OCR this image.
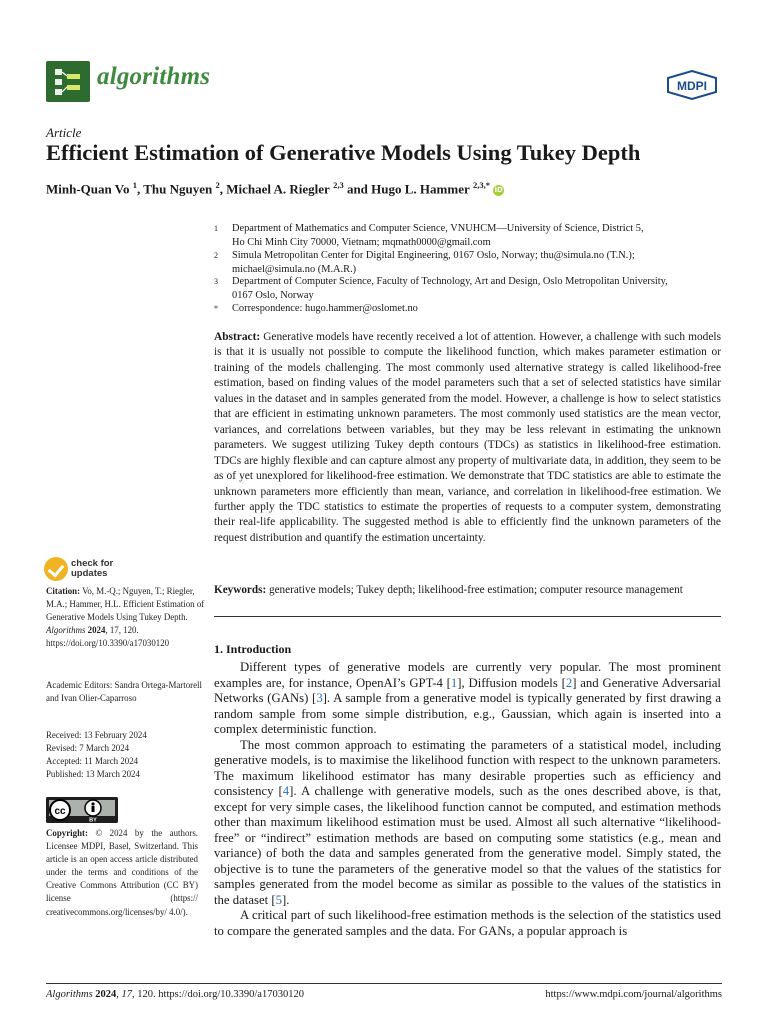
algorithms	MDPI
Article
Efficient Estimation of Generative Models Using Tukey Depth
Minh-Quan Vo $^1$, Thu Nguyen $^2$, Michael A. Riegler $^{2,3}$ and Hugo L. Hammer $^{2,3,*}$ iD
1 Department of Mathematics and Computer Science, VNUHCM—University of Science, District 5,
Ho Chi Minh City 70000, Vietnam; mqmath0000@gmail.com
2 Simula Metropolitan Center for Digital Engineering, 0167 Oslo, Norway; thu@simula.no (T.N.);
michael@simula.no (M.A.R.)
3 Department of Computer Science, Faculty of Technology, Art and Design, Oslo Metropolitan University,
0167 Oslo, Norway
* Correspondence: hugo.hammer@oslomet.no
Abstract: Generative models have recently received a lot of attention. However, a challenge with such models is that it is usually not possible to compute the likelihood function, which makes parameter estimation or training of the models challenging. The most commonly used alternative strategy is called likelihood-free estimation, based on finding values of the model parameters such that a set of selected statistics have similar values in the dataset and in samples generated from the model. However, a challenge is how to select statistics that are efficient in estimating unknown parameters. The most commonly used statistics are the mean vector, variances, and correlations between variables, but they may be less relevant in estimating the unknown parameters. We suggest utilizing Tukey depth contours (TDCs) as statistics in likelihood-free estimation. TDCs are highly flexible and can capture almost any property of multivariate data, in addition, they seem to be as of yet unexplored for likelihood-free estimation. We demonstrate that TDC statistics are able to estimate the unknown parameters more efficiently than mean, variance, and correlation in likelihood-free estimation. We further apply the TDC statistics to estimate the properties of requests to a computer system, demonstrating their real-life applicability. The suggested method is able to efficiently find the unknown parameters of the request distribution and quantify the estimation uncertainty.
Keywords: generative models; Tukey depth; likelihood-free estimation; computer resource management
check for
updates
Citation: Vo, M.-Q.; Nguyen, T.; Riegler, M.A.; Hammer, H.L. Efficient Estimation of Generative Models Using Tukey Depth. Algorithms 2024, 17, 120. https://doi.org/10.3390/a17030120
Academic Editors: Sandra Ortega-Martorell and Ivan Olier-Caparroso
Received: 13 February 2024
Revised: 7 March 2024
Accepted: 11 March 2024
Published: 13 March 2024
cc
BY
Copyright: © 2024 by the authors. Licensee MDPI, Basel, Switzerland. This article is an open access article distributed under the terms and conditions of the Creative Commons Attribution (CC BY) license (https:// creativecommons.org/licenses/by/ 4.0/).
1. Introduction

Different types of generative models are currently very popular. The most prominent examples are, for instance, OpenAI’s GPT-4 [1], Diffusion models [2] and Generative Adversarial Networks (GANs) [3]. A sample from a generative model is typically generated by first drawing a random sample from some simple distribution, e.g., Gaussian, which again is inserted into a complex deterministic function.

The most common approach to estimating the parameters of a statistical model, including generative models, is to maximise the likelihood function with respect to the unknown parameters. The maximum likelihood estimator has many desirable properties such as efficiency and consistency [4]. A challenge with generative models, such as the ones described above, is that, except for very simple cases, the likelihood function cannot be computed, and estimation methods other than maximum likelihood estimation must be used. Almost all such alternative “likelihood-free” or “indirect” estimation methods are based on computing some statistics (e.g., mean and variance) of both the data and samples generated from the generative model. Simply stated, the objective is to tune the parameters of the generative model so that the values of the statistics for samples generated from the model become as similar as possible to the values of the statistics in the dataset [5].

A critical part of such likelihood-free estimation methods is the selection of the statistics used to compare the generated samples and the data. For GANs, a popular approach is

Algorithms 2024, 17, 120. https://doi.org/10.3390/a17030120	https://www.mdpi.com/journal/algorithms
